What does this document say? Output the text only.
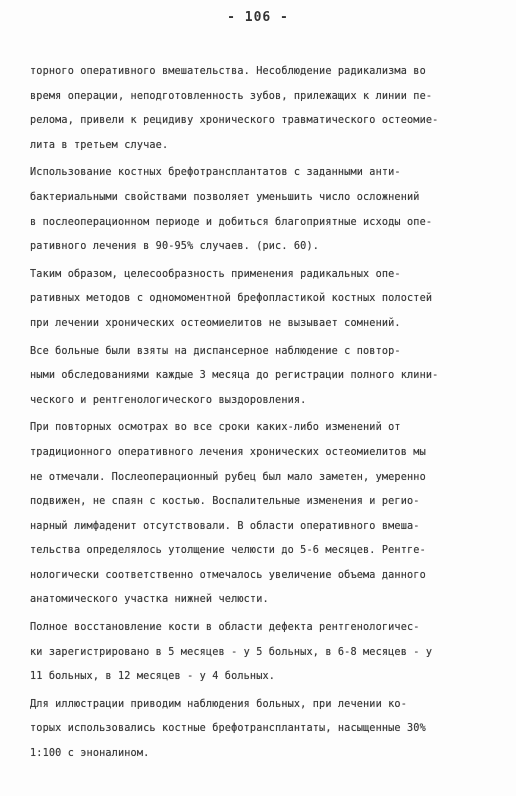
- 106 -
торного оперативного вмешательства. Несоблюдение радикализма во
время операции, неподготовленность зубов, прилежащих к линии пе-
релома, привели к рецидиву хронического травматического остеомие-
лита в третьем случае.
Использование костных брефотрансплантатов с заданными анти-
бактериальными свойствами позволяет уменьшить число осложнений
в послеоперационном периоде и добиться благоприятные исходы опе-
ративного лечения в 90-95% случаев. (рис. 60).
Таким образом, целесообразность применения радикальных опе-
ративных методов с одномоментной брефопластикой костных полостей
при лечении хронических остеомиелитов не вызывает сомнений.
Все больные были взяты на диспансерное наблюдение с повтор-
ными обследованиями каждые 3 месяца до регистрации полного клини-
ческого и рентгенологического выздоровления.
При повторных осмотрах во все сроки каких-либо изменений от
традиционного оперативного лечения хронических остеомиелитов мы
не отмечали. Послеоперационный рубец был мало заметен, умеренно
подвижен, не спаян с костью. Воспалительные изменения и регио-
нарный лимфаденит отсутствовали. В области оперативного вмеша-
тельства определялось утолщение челюсти до 5-6 месяцев. Рентге-
нологически соответственно отмечалось увеличение объема данного
анатомического участка нижней челюсти.
Полное восстановление кости в области дефекта рентгенологичес-
ки зарегистрировано в 5 месяцев - у 5 больных, в 6-8 месяцев - у
11 больных, в 12 месяцев - у 4 больных.
Для иллюстрации приводим наблюдения больных, при лечении ко-
торых использовались костные брефотрансплантаты, насыщенные 30%
1:100 с эноналином.
